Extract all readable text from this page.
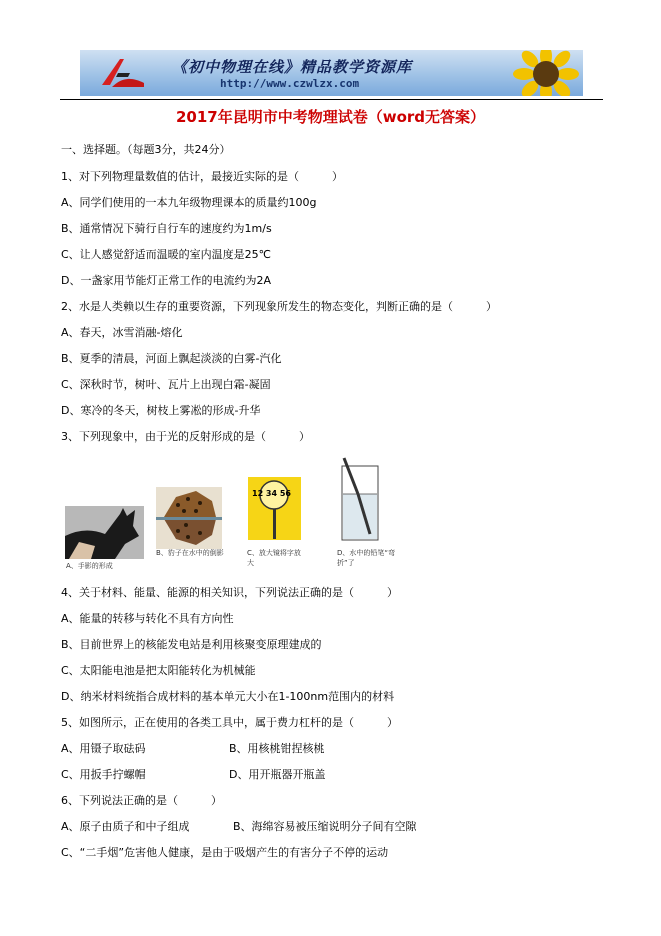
《初中物理在线》精品教学资源库
http://www.czwlzx.com
2017年昆明市中考物理试卷（word无答案）
一、选择题。（每题3分，共24分）
1、对下列物理量数值的估计，最接近实际的是（　　　）
A、同学们使用的一本九年级物理课本的质量约100g
B、通常情况下骑行自行车的速度约为1m/s
C、让人感觉舒适而温暖的室内温度是25℃
D、一盏家用节能灯正常工作的电流约为2A
2、水是人类赖以生存的重要资源，下列现象所发生的物态变化，判断正确的是（　　　）
A、春天，冰雪消融-熔化
B、夏季的清晨，河面上飘起淡淡的白雾-汽化
C、深秋时节，树叶、瓦片上出现白霜-凝固
D、寒冷的冬天，树枝上雾凇的形成-升华
3、下列现象中，由于光的反射形成的是（　　　）
A、手影的形成
B、豹子在水中的倒影
12 34 56
C、放大镜将字放大
D、水中的铅笔“弯折”了
4、关于材料、能量、能源的相关知识，下列说法正确的是（　　　）
A、能量的转移与转化不具有方向性
B、目前世界上的核能发电站是利用核聚变原理建成的
C、太阳能电池是把太阳能转化为机械能
D、纳米材料统指合成材料的基本单元大小在1-100nm范围内的材料
5、如图所示，正在使用的各类工具中，属于费力杠杆的是（　　　）
A、用镊子取砝码	B、用核桃钳捏核桃
C、用扳手拧螺帽	D、用开瓶器开瓶盖
6、下列说法正确的是（　　　）
A、原子由质子和中子组成	B、海绵容易被压缩说明分子间有空隙
C、“二手烟”危害他人健康，是由于吸烟产生的有害分子不停的运动
